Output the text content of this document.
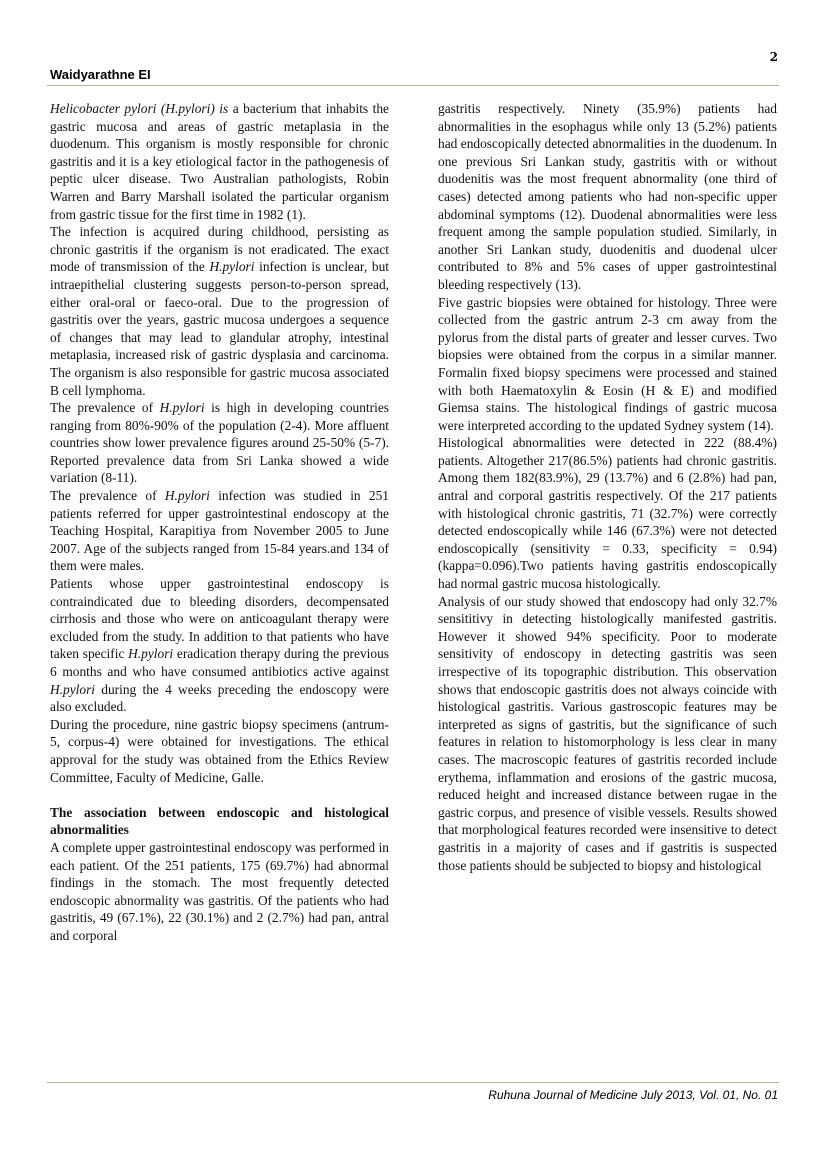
2
Waidyarathne EI

Helicobacter pylori (H.pylori) is a bacterium that inhabits the gastric mucosa and areas of gastric metaplasia in the duodenum. This organism is mostly responsible for chronic gastritis and it is a key etiological factor in the pathogenesis of peptic ulcer disease. Two Australian pathologists, Robin Warren and Barry Marshall isolated the particular organism from gastric tissue for the first time in 1982 (1).

The infection is acquired during childhood, persisting as chronic gastritis if the organism is not eradicated. The exact mode of transmission of the H.pylori infection is unclear, but intraepithelial clustering suggests person-to-person spread, either oral-oral or faeco-oral. Due to the progression of gastritis over the years, gastric mucosa undergoes a sequence of changes that may lead to glandular atrophy, intestinal metaplasia, increased risk of gastric dysplasia and carcinoma. The organism is also responsible for gastric mucosa associated B cell lymphoma.

The prevalence of H.pylori is high in developing countries ranging from 80%-90% of the population (2-4). More affluent countries show lower prevalence figures around 25-50% (5-7). Reported prevalence data from Sri Lanka showed a wide variation (8-11).

The prevalence of H.pylori infection was studied in 251 patients referred for upper gastrointestinal endoscopy at the Teaching Hospital, Karapitiya from November 2005 to June 2007. Age of the subjects ranged from 15-84 years.and 134 of them were males.

Patients whose upper gastrointestinal endoscopy is contraindicated due to bleeding disorders, decompensated cirrhosis and those who were on anticoagulant therapy were excluded from the study. In addition to that patients who have taken specific H.pylori eradication therapy during the previous 6 months and who have consumed antibiotics active against H.pylori during the 4 weeks preceding the endoscopy were also excluded.

During the procedure, nine gastric biopsy specimens (antrum-5, corpus-4) were obtained for investigations. The ethical approval for the study was obtained from the Ethics Review Committee, Faculty of Medicine, Galle.

The association between endoscopic and histological abnormalities

A complete upper gastrointestinal endoscopy was performed in each patient. Of the 251 patients, 175 (69.7%) had abnormal findings in the stomach. The most frequently detected endoscopic abnormality was gastritis. Of the patients who had gastritis, 49 (67.1%), 22 (30.1%) and 2 (2.7%) had pan, antral and corporal

gastritis respectively. Ninety (35.9%) patients had abnormalities in the esophagus while only 13 (5.2%) patients had endoscopically detected abnormalities in the duodenum. In one previous Sri Lankan study, gastritis with or without duodenitis was the most frequent abnormality (one third of cases) detected among patients who had non-specific upper abdominal symptoms (12). Duodenal abnormalities were less frequent among the sample population studied. Similarly, in another Sri Lankan study, duodenitis and duodenal ulcer contributed to 8% and 5% cases of upper gastrointestinal bleeding respectively (13).

Five gastric biopsies were obtained for histology. Three were collected from the gastric antrum 2-3 cm away from the pylorus from the distal parts of greater and lesser curves. Two biopsies were obtained from the corpus in a similar manner. Formalin fixed biopsy specimens were processed and stained with both Haematoxylin & Eosin (H & E) and modified Giemsa stains. The histological findings of gastric mucosa were interpreted according to the updated Sydney system (14).

Histological abnormalities were detected in 222 (88.4%) patients. Altogether 217(86.5%) patients had chronic gastritis. Among them 182(83.9%), 29 (13.7%) and 6 (2.8%) had pan, antral and corporal gastritis respectively. Of the 217 patients with histological chronic gastritis, 71 (32.7%) were correctly detected endoscopically while 146 (67.3%) were not detected endoscopically (sensitivity = 0.33, specificity = 0.94) (kappa=0.096).Two patients having gastritis endoscopically had normal gastric mucosa histologically.

Analysis of our study showed that endoscopy had only 32.7% sensititivy in detecting histologically manifested gastritis. However it showed 94% specificity. Poor to moderate sensitivity of endoscopy in detecting gastritis was seen irrespective of its topographic distribution. This observation shows that endoscopic gastritis does not always coincide with histological gastritis. Various gastroscopic features may be interpreted as signs of gastritis, but the significance of such features in relation to histomorphology is less clear in many cases. The macroscopic features of gastritis recorded include erythema, inflammation and erosions of the gastric mucosa, reduced height and increased distance between rugae in the gastric corpus, and presence of visible vessels. Results showed that morphological features recorded were insensitive to detect gastritis in a majority of cases and if gastritis is suspected those patients should be subjected to biopsy and histological

Ruhuna Journal of Medicine July 2013, Vol. 01, No. 01
